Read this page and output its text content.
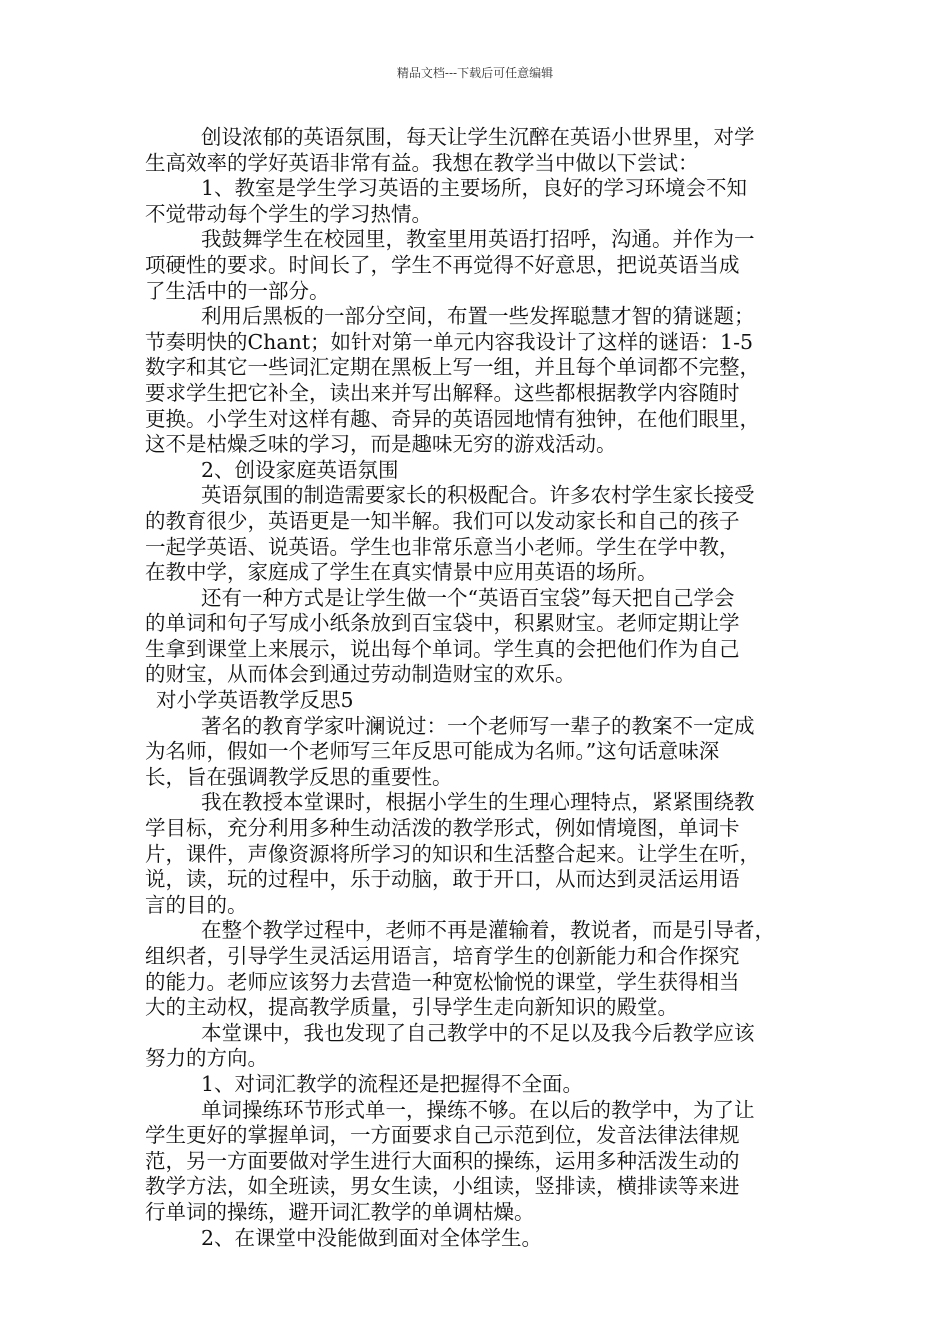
精品文档---下载后可任意编辑
创设浓郁的英语氛围，每天让学生沉醉在英语小世界里，对学
生高效率的学好英语非常有益。我想在教学当中做以下尝试：
1、教室是学生学习英语的主要场所，良好的学习环境会不知
不觉带动每个学生的学习热情。
我鼓舞学生在校园里，教室里用英语打招呼，沟通。并作为一
项硬性的要求。时间长了，学生不再觉得不好意思，把说英语当成
了生活中的一部分。
利用后黑板的一部分空间，布置一些发挥聪慧才智的猜谜题；
节奏明快的Chant；如针对第一单元内容我设计了这样的谜语：1-5
数字和其它一些词汇定期在黑板上写一组，并且每个单词都不完整，
要求学生把它补全，读出来并写出解释。这些都根据教学内容随时
更换。小学生对这样有趣、奇异的英语园地情有独钟，在他们眼里，
这不是枯燥乏味的学习，而是趣味无穷的游戏活动。
2、创设家庭英语氛围
英语氛围的制造需要家长的积极配合。许多农村学生家长接受
的教育很少，英语更是一知半解。我们可以发动家长和自己的孩子
一起学英语、说英语。学生也非常乐意当小老师。学生在学中教，
在教中学，家庭成了学生在真实情景中应用英语的场所。
还有一种方式是让学生做一个“英语百宝袋”每天把自己学会
的单词和句子写成小纸条放到百宝袋中，积累财宝。老师定期让学
生拿到课堂上来展示，说出每个单词。学生真的会把他们作为自己
的财宝，从而体会到通过劳动制造财宝的欢乐。
对小学英语教学反思5
著名的教育学家叶澜说过：一个老师写一辈子的教案不一定成
为名师，假如一个老师写三年反思可能成为名师。”这句话意味深
长，旨在强调教学反思的重要性。
我在教授本堂课时，根据小学生的生理心理特点，紧紧围绕教
学目标，充分利用多种生动活泼的教学形式，例如情境图，单词卡
片，课件，声像资源将所学习的知识和生活整合起来。让学生在听，
说，读，玩的过程中，乐于动脑，敢于开口，从而达到灵活运用语
言的目的。
在整个教学过程中，老师不再是灌输着，教说者，而是引导者，
组织者，引导学生灵活运用语言，培育学生的创新能力和合作探究
的能力。老师应该努力去营造一种宽松愉悦的课堂，学生获得相当
大的主动权，提高教学质量，引导学生走向新知识的殿堂。
本堂课中，我也发现了自己教学中的不足以及我今后教学应该
努力的方向。
1、对词汇教学的流程还是把握得不全面。
单词操练环节形式单一，操练不够。在以后的教学中，为了让
学生更好的掌握单词，一方面要求自己示范到位，发音法律法律规
范，另一方面要做对学生进行大面积的操练，运用多种活泼生动的
教学方法，如全班读，男女生读，小组读，竖排读，横排读等来进
行单词的操练，避开词汇教学的单调枯燥。
2、在课堂中没能做到面对全体学生。
